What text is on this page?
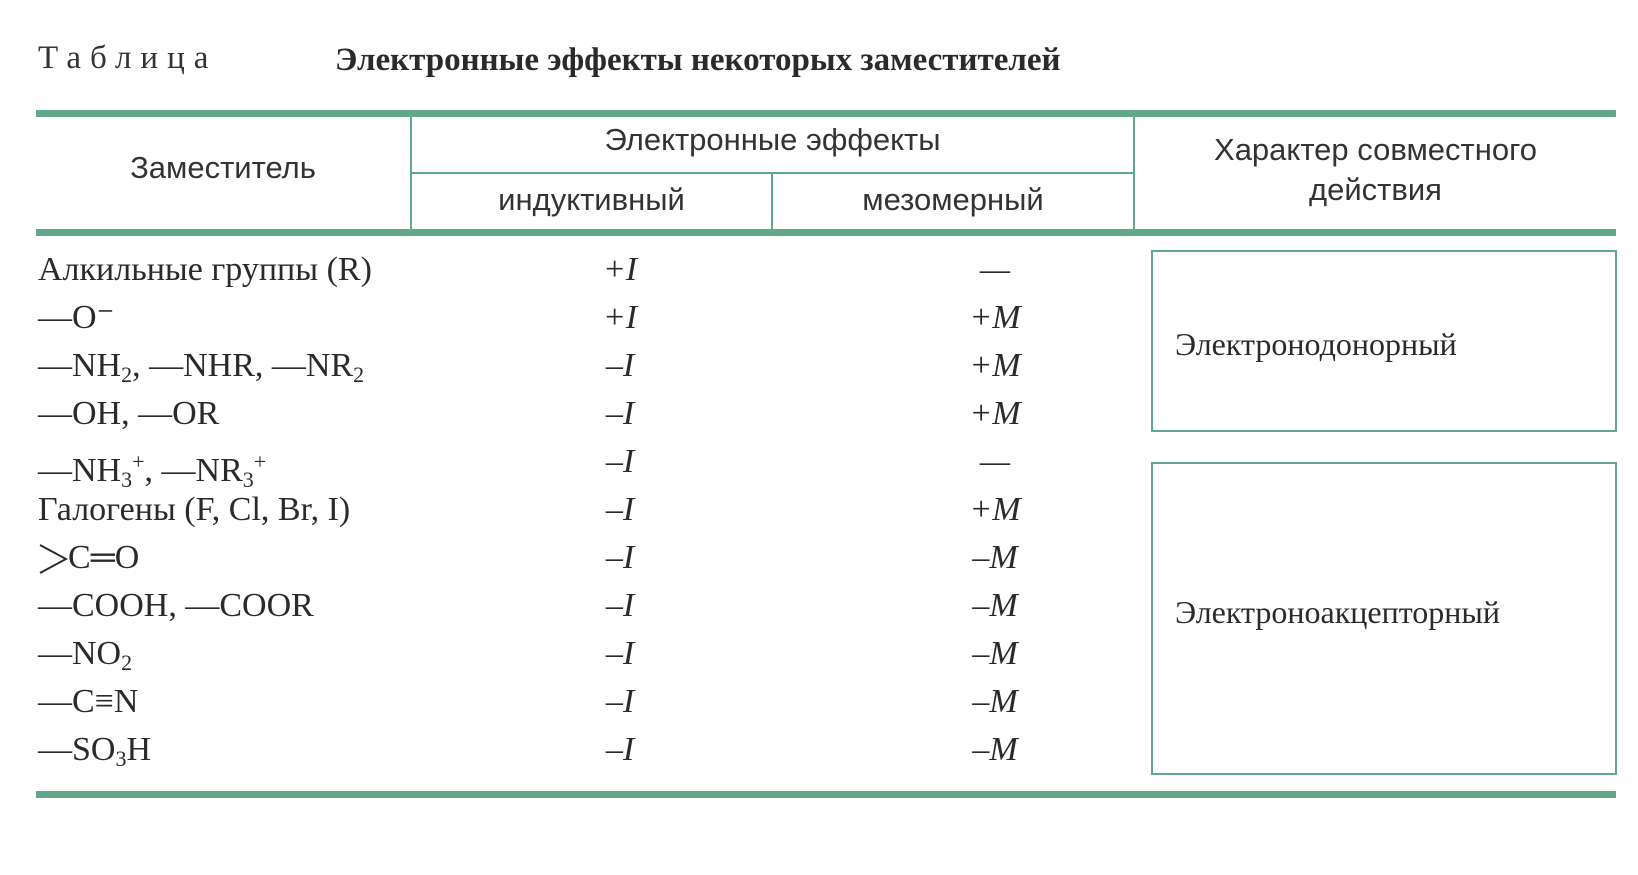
Таблица	Электронные эффекты некоторых заместителей
Заместитель
Электронные эффекты
индуктивный	мезомерный
Характер совместного
действия
Алкильные группы (R)	+I	—
—O⁻	+I	+M
$—NH_2$, —NHR, $—NR_2$	–I	+M
—OH, —OR	–I	+M
$—NH_3^+$, $—NR_3^+$	–I	—
Галогены (F, Cl, Br, I)	–I	+M
C═O	–I	–M
—COOH, —COOR	–I	–M
$—NO_2$	–I	–M
—C≡N	–I	–M
$—SO_3H$	–I	–M
Электронодонорный
Электроноакцепторный
